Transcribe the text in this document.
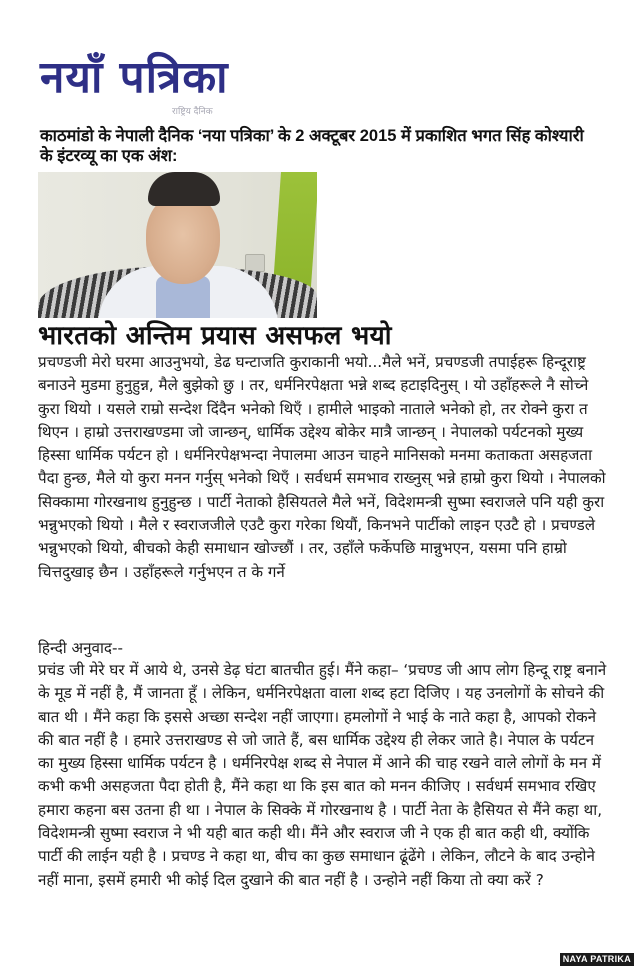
नयाँ पत्रिका
राष्ट्रिय दैनिक
काठमांडो के नेपाली दैनिक ‘नया पत्रिका’ के 2 अक्टूबर 2015 में प्रकाशित भगत सिंह कोश्यारी के इंटरव्यू का एक अंश:
भारतको अन्तिम प्रयास असफल भयो
प्रचण्डजी मेरो घरमा आउनुभयो, डेढ घन्टाजति कुराकानी भयो...मैले भनें, प्रचण्डजी तपाईहरू हिन्दूराष्ट्र बनाउने मुडमा हुनुहुन्न, मैले बुझेको छु । तर, धर्मनिरपेक्षता भन्ने शब्द हटाइदिनुस् । यो उहाँहरूले नै सोच्ने कुरा थियो । यसले राम्रो सन्देश दिंदैन भनेको थिएँ । हामीले भाइको नाताले भनेको हो, तर रोक्ने कुरा त थिएन । हाम्रो उत्तराखण्डमा जो जान्छन्, धार्मिक उद्देश्य बोकेर मात्रै जान्छन् । नेपालको पर्यटनको मुख्य हिस्सा धार्मिक पर्यटन हो । धर्मनिरपेक्षभन्दा नेपालमा आउन चाहने मानिसको मनमा कताकता असहजता पैदा हुन्छ, मैले यो कुरा मनन गर्नुस् भनेको थिएँ । सर्वधर्म समभाव राख्नुस् भन्ने हाम्रो कुरा थियो । नेपालको सिक्कामा गोरखनाथ हुनुहुन्छ । पार्टी नेताको हैसियतले मैले भनें, विदेशमन्त्री सुष्मा स्वराजले पनि यही कुरा भन्नुभएको थियो । मैले र स्वराजजीले एउटै कुरा गरेका थियौं, किनभने पार्टीको लाइन एउटै हो । प्रचण्डले भन्नुभएको थियो, बीचको केही समाधान खोज्छौं । तर, उहाँले फर्केपछि मान्नुभएन, यसमा पनि हाम्रो चित्तदुखाइ छैन । उहाँहरूले गर्नुभएन त के गर्ने
हिन्दी अनुवाद--
प्रचंड जी मेरे घर में आये थे, उनसे डेढ़ घंटा बातचीत हुई। मैंने कहा– ‘प्रचण्ड जी आप लोग हिन्दू राष्ट्र बनाने के मूड में नहीं है, मैं जानता हूँ । लेकिन, धर्मनिरपेक्षता वाला शब्द हटा दिजिए । यह उनलोगों के सोचने की बात थी । मैंने कहा कि इससे अच्छा सन्देश नहीं जाएगा। हमलोगों ने भाई के नाते कहा है, आपको रोकने की बात नहीं है । हमारे उत्तराखण्ड से जो जाते हैं, बस धार्मिक उद्देश्य ही लेकर जाते है। नेपाल के पर्यटन का मुख्य हिस्सा धार्मिक पर्यटन है । धर्मनिरपेक्ष शब्द से नेपाल में आने की चाह रखने वाले लोगों के मन में कभी कभी असहजता पैदा होती है, मैंने कहा था कि इस बात को मनन कीजिए । सर्वधर्म समभाव रखिए हमारा कहना बस उतना ही था । नेपाल के सिक्के में गोरखनाथ है । पार्टी नेता के हैसियत से मैंने कहा था, विदेशमन्त्री सुष्मा स्वराज ने भी यही बात कही थी। मैंने और स्वराज जी ने एक ही बात कही थी, क्योंकि पार्टी की लाईन यही है । प्रचण्ड ने कहा था, बीच का कुछ समाधान ढूंढेंगे । लेकिन, लौटने के बाद उन्होने नहीं माना, इसमें हमारी भी कोई दिल दुखाने की बात नहीं है । उन्होने नहीं किया तो क्या करें ?
NAYA PATRIKA
